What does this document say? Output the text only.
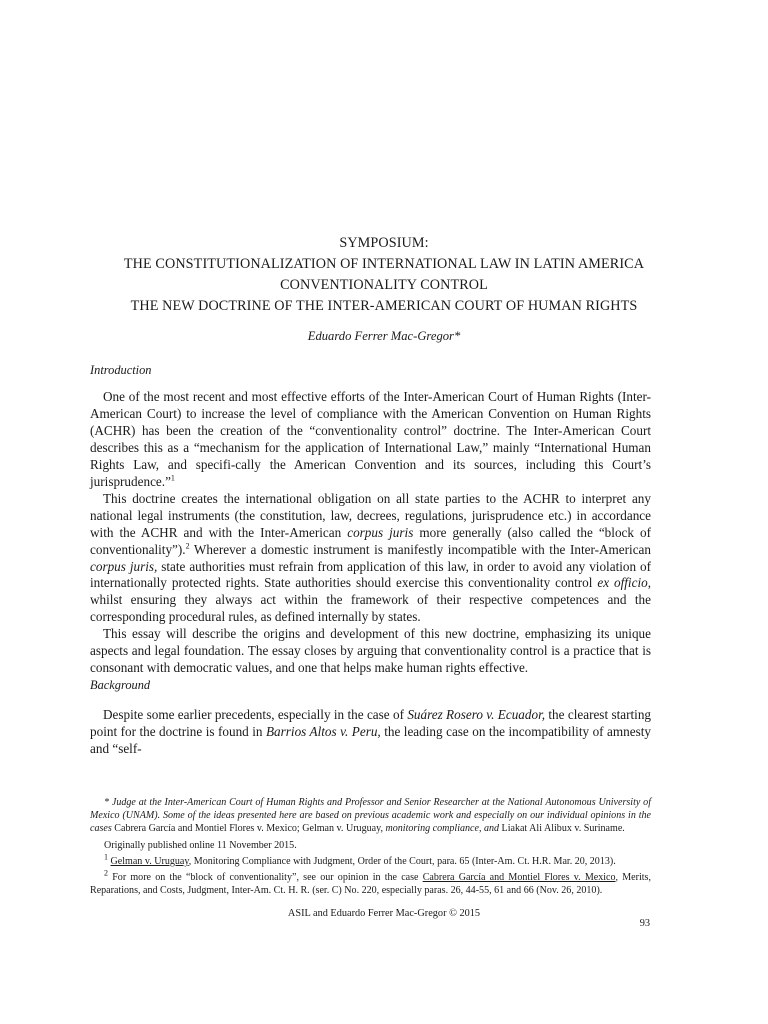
SYMPOSIUM:
THE CONSTITUTIONALIZATION OF INTERNATIONAL LAW IN LATIN AMERICA
CONVENTIONALITY CONTROL
THE NEW DOCTRINE OF THE INTER-AMERICAN COURT OF HUMAN RIGHTS
Eduardo Ferrer Mac-Gregor*
Introduction

One of the most recent and most effective efforts of the Inter-American Court of Human Rights (Inter-American Court) to increase the level of compliance with the American Convention on Human Rights (ACHR) has been the creation of the “conventionality control” doctrine. The Inter-American Court describes this as a “mechanism for the application of International Law,” mainly “International Human Rights Law, and specifi-cally the American Convention and its sources, including this Court’s jurisprudence.”$^1$

This doctrine creates the international obligation on all state parties to the ACHR to interpret any national legal instruments (the constitution, law, decrees, regulations, jurisprudence etc.) in accordance with the ACHR and with the Inter-American corpus juris more generally (also called the “block of conventionality”).$^2$ Wherever a domestic instrument is manifestly incompatible with the Inter-American corpus juris, state authorities must refrain from application of this law, in order to avoid any violation of internationally protected rights. State authorities should exercise this conventionality control ex officio, whilst ensuring they always act within the framework of their respective competences and the corresponding procedural rules, as defined internally by states.

This essay will describe the origins and development of this new doctrine, emphasizing its unique aspects and legal foundation. The essay closes by arguing that conventionality control is a practice that is consonant with democratic values, and one that helps make human rights effective.

Background

Despite some earlier precedents, especially in the case of Suárez Rosero v. Ecuador, the clearest starting point for the doctrine is found in Barrios Altos v. Peru, the leading case on the incompatibility of amnesty and “self-

* Judge at the Inter-American Court of Human Rights and Professor and Senior Researcher at the National Autonomous University of Mexico (UNAM). Some of the ideas presented here are based on previous academic work and especially on our individual opinions in the cases Cabrera García and Montiel Flores v. Mexico; Gelman v. Uruguay, monitoring compliance, and Liakat Ali Alibux v. Suriname.

Originally published online 11 November 2015.

$^1$ Gelman v. Uruguay, Monitoring Compliance with Judgment, Order of the Court, para. 65 (Inter-Am. Ct. H.R. Mar. 20, 2013).

$^2$ For more on the “block of conventionality”, see our opinion in the case Cabrera García and Montiel Flores v. Mexico, Merits, Reparations, and Costs, Judgment, Inter-Am. Ct. H. R. (ser. C) No. 220, especially paras. 26, 44-55, 61 and 66 (Nov. 26, 2010).

ASIL and Eduardo Ferrer Mac-Gregor © 2015
93
